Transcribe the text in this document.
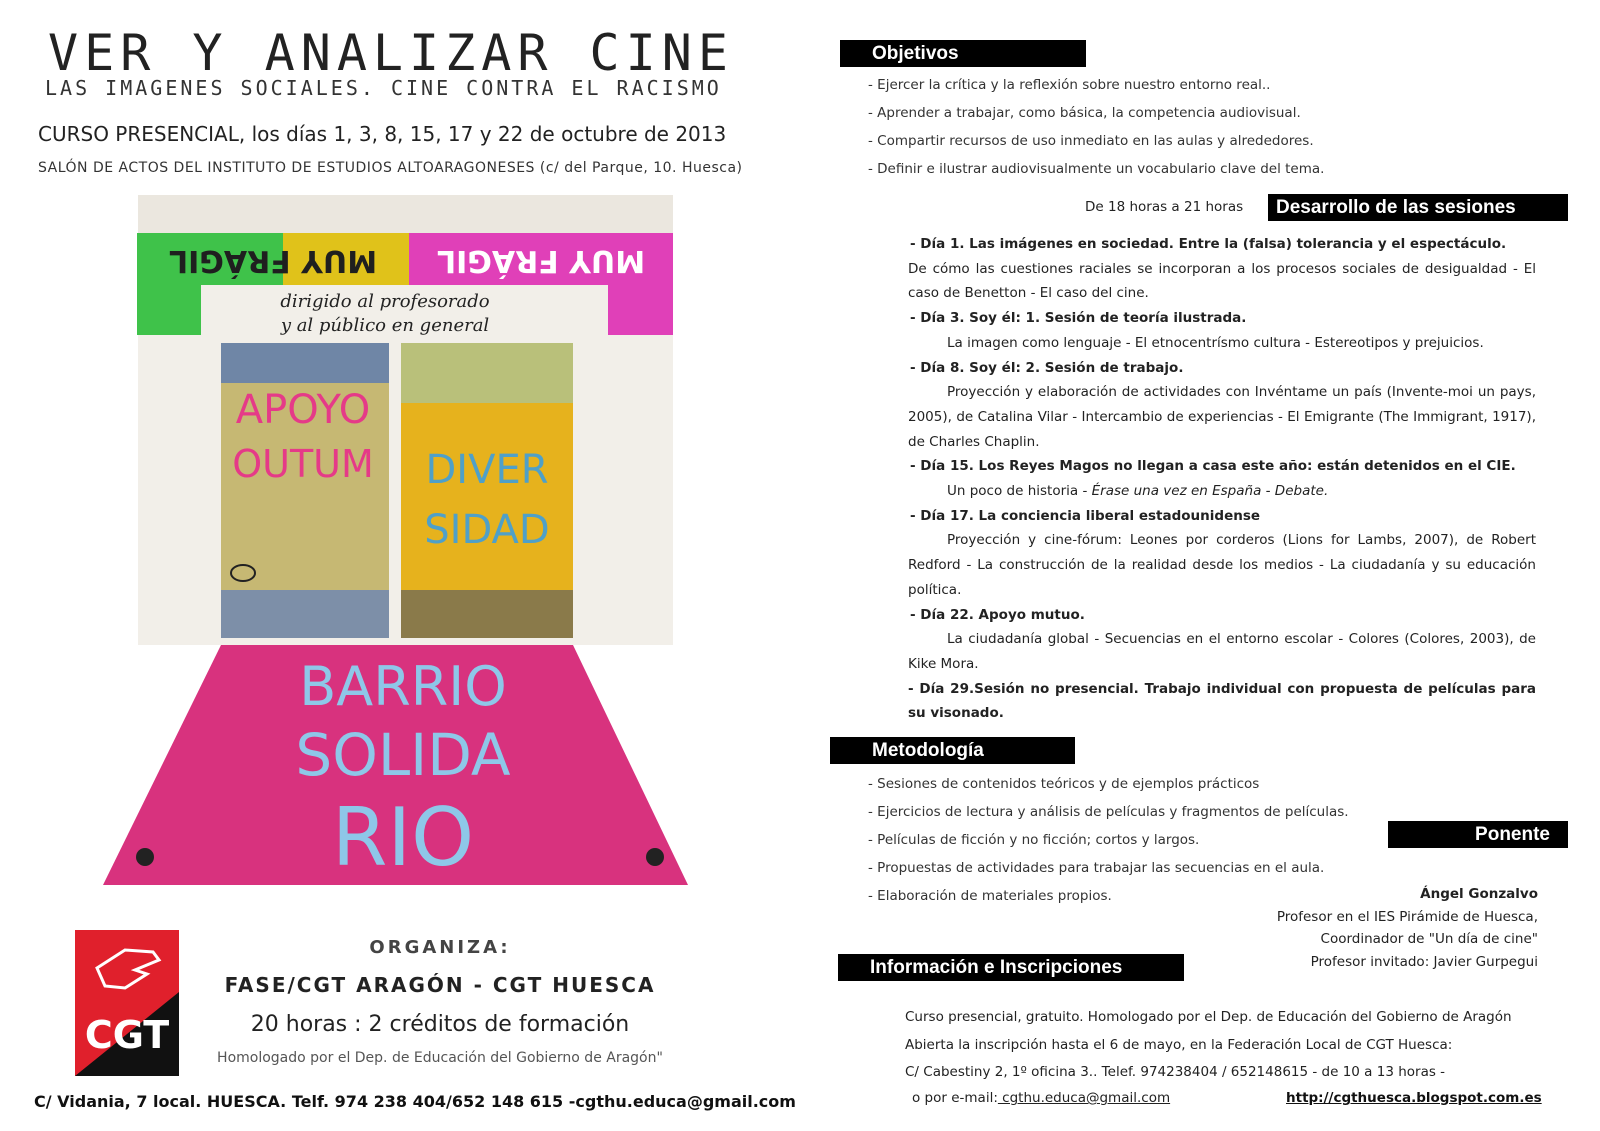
VER Y ANALIZAR CINE
LAS IMAGENES SOCIALES. CINE CONTRA EL RACISMO
CURSO PRESENCIAL, los días 1, 3, 8, 15, 17 y 22 de octubre de 2013
SALÓN DE ACTOS DEL INSTITUTO DE ESTUDIOS ALTOARAGONESES (c/ del Parque, 10. Huesca)
MUY FRÁGIL MUY FRÁGIL
dirigido al profesorado
y al público en general
APOYO
OUTUM DIVER
SIDAD
BARRIO
SOLIDA
RIO
CGT
ORGANIZA:
FASE/CGT ARAGÓN - CGT HUESCA
20 horas : 2 créditos de formación
Homologado por el Dep. de Educación del Gobierno de Aragón"
C/ Vidania, 7 local. HUESCA. Telf. 974 238 404/652 148 615 -cgthu.educa@gmail.com
Objetivos
- Ejercer la crítica y la reflexión sobre nuestro entorno real..
- Aprender a trabajar, como básica, la competencia audiovisual.
- Compartir recursos de uso inmediato en las aulas y alrededores.
- Definir e ilustrar audiovisualmente un vocabulario clave del tema.
De 18 horas a 21 horas	Desarrollo de las sesiones
- Día 1. Las imágenes en sociedad. Entre la (falsa) tolerancia y el espectáculo.
De cómo las cuestiones raciales se incorporan a los procesos sociales de desigualdad - El caso de Benetton - El caso del cine.
- Día 3. Soy él: 1. Sesión de teoría ilustrada.
La imagen como lenguaje - El etnocentrísmo cultura - Estereotipos y prejuicios.
- Día 8. Soy él: 2. Sesión de trabajo.
Proyección y elaboración de actividades con Invéntame un país (Invente-moi un pays, 2005), de Catalina Vilar - Intercambio de experiencias - El Emigrante (The Immigrant, 1917), de Charles Chaplin.
- Día 15. Los Reyes Magos no llegan a casa este año: están detenidos en el CIE.
Un poco de historia - Érase una vez en España - Debate.
- Día 17. La conciencia liberal estadounidense
Proyección y cine-fórum: Leones por corderos (Lions for Lambs, 2007), de Robert Redford - La construcción de la realidad desde los medios - La ciudadanía y su educación política.
- Día 22. Apoyo mutuo.
La ciudadanía global - Secuencias en el entorno escolar - Colores (Colores, 2003), de Kike Mora.
- Día 29.Sesión no presencial. Trabajo individual con propuesta de películas para su visonado.
Metodología
- Sesiones de contenidos teóricos y de ejemplos prácticos
- Ejercicios de lectura y análisis de películas y fragmentos de películas.
- Películas de ficción y no ficción; cortos y largos.
- Propuestas de actividades para trabajar las secuencias en el aula.
- Elaboración de materiales propios.
Ponente
Ángel Gonzalvo
Profesor en el IES Pirámide de Huesca,
Coordinador de "Un día de cine"
Profesor invitado: Javier Gurpegui
Información e Inscripciones
Curso presencial, gratuito. Homologado por el Dep. de Educación del Gobierno de Aragón
Abierta la inscripción hasta el 6 de mayo, en la Federación Local de CGT Huesca:
C/ Cabestiny 2, 1º oficina 3.. Telef. 974238404 / 652148615 - de 10 a 13 horas -
o por e-mail: cgthu.educa@gmail.com	http://cgthuesca.blogspot.com.es
